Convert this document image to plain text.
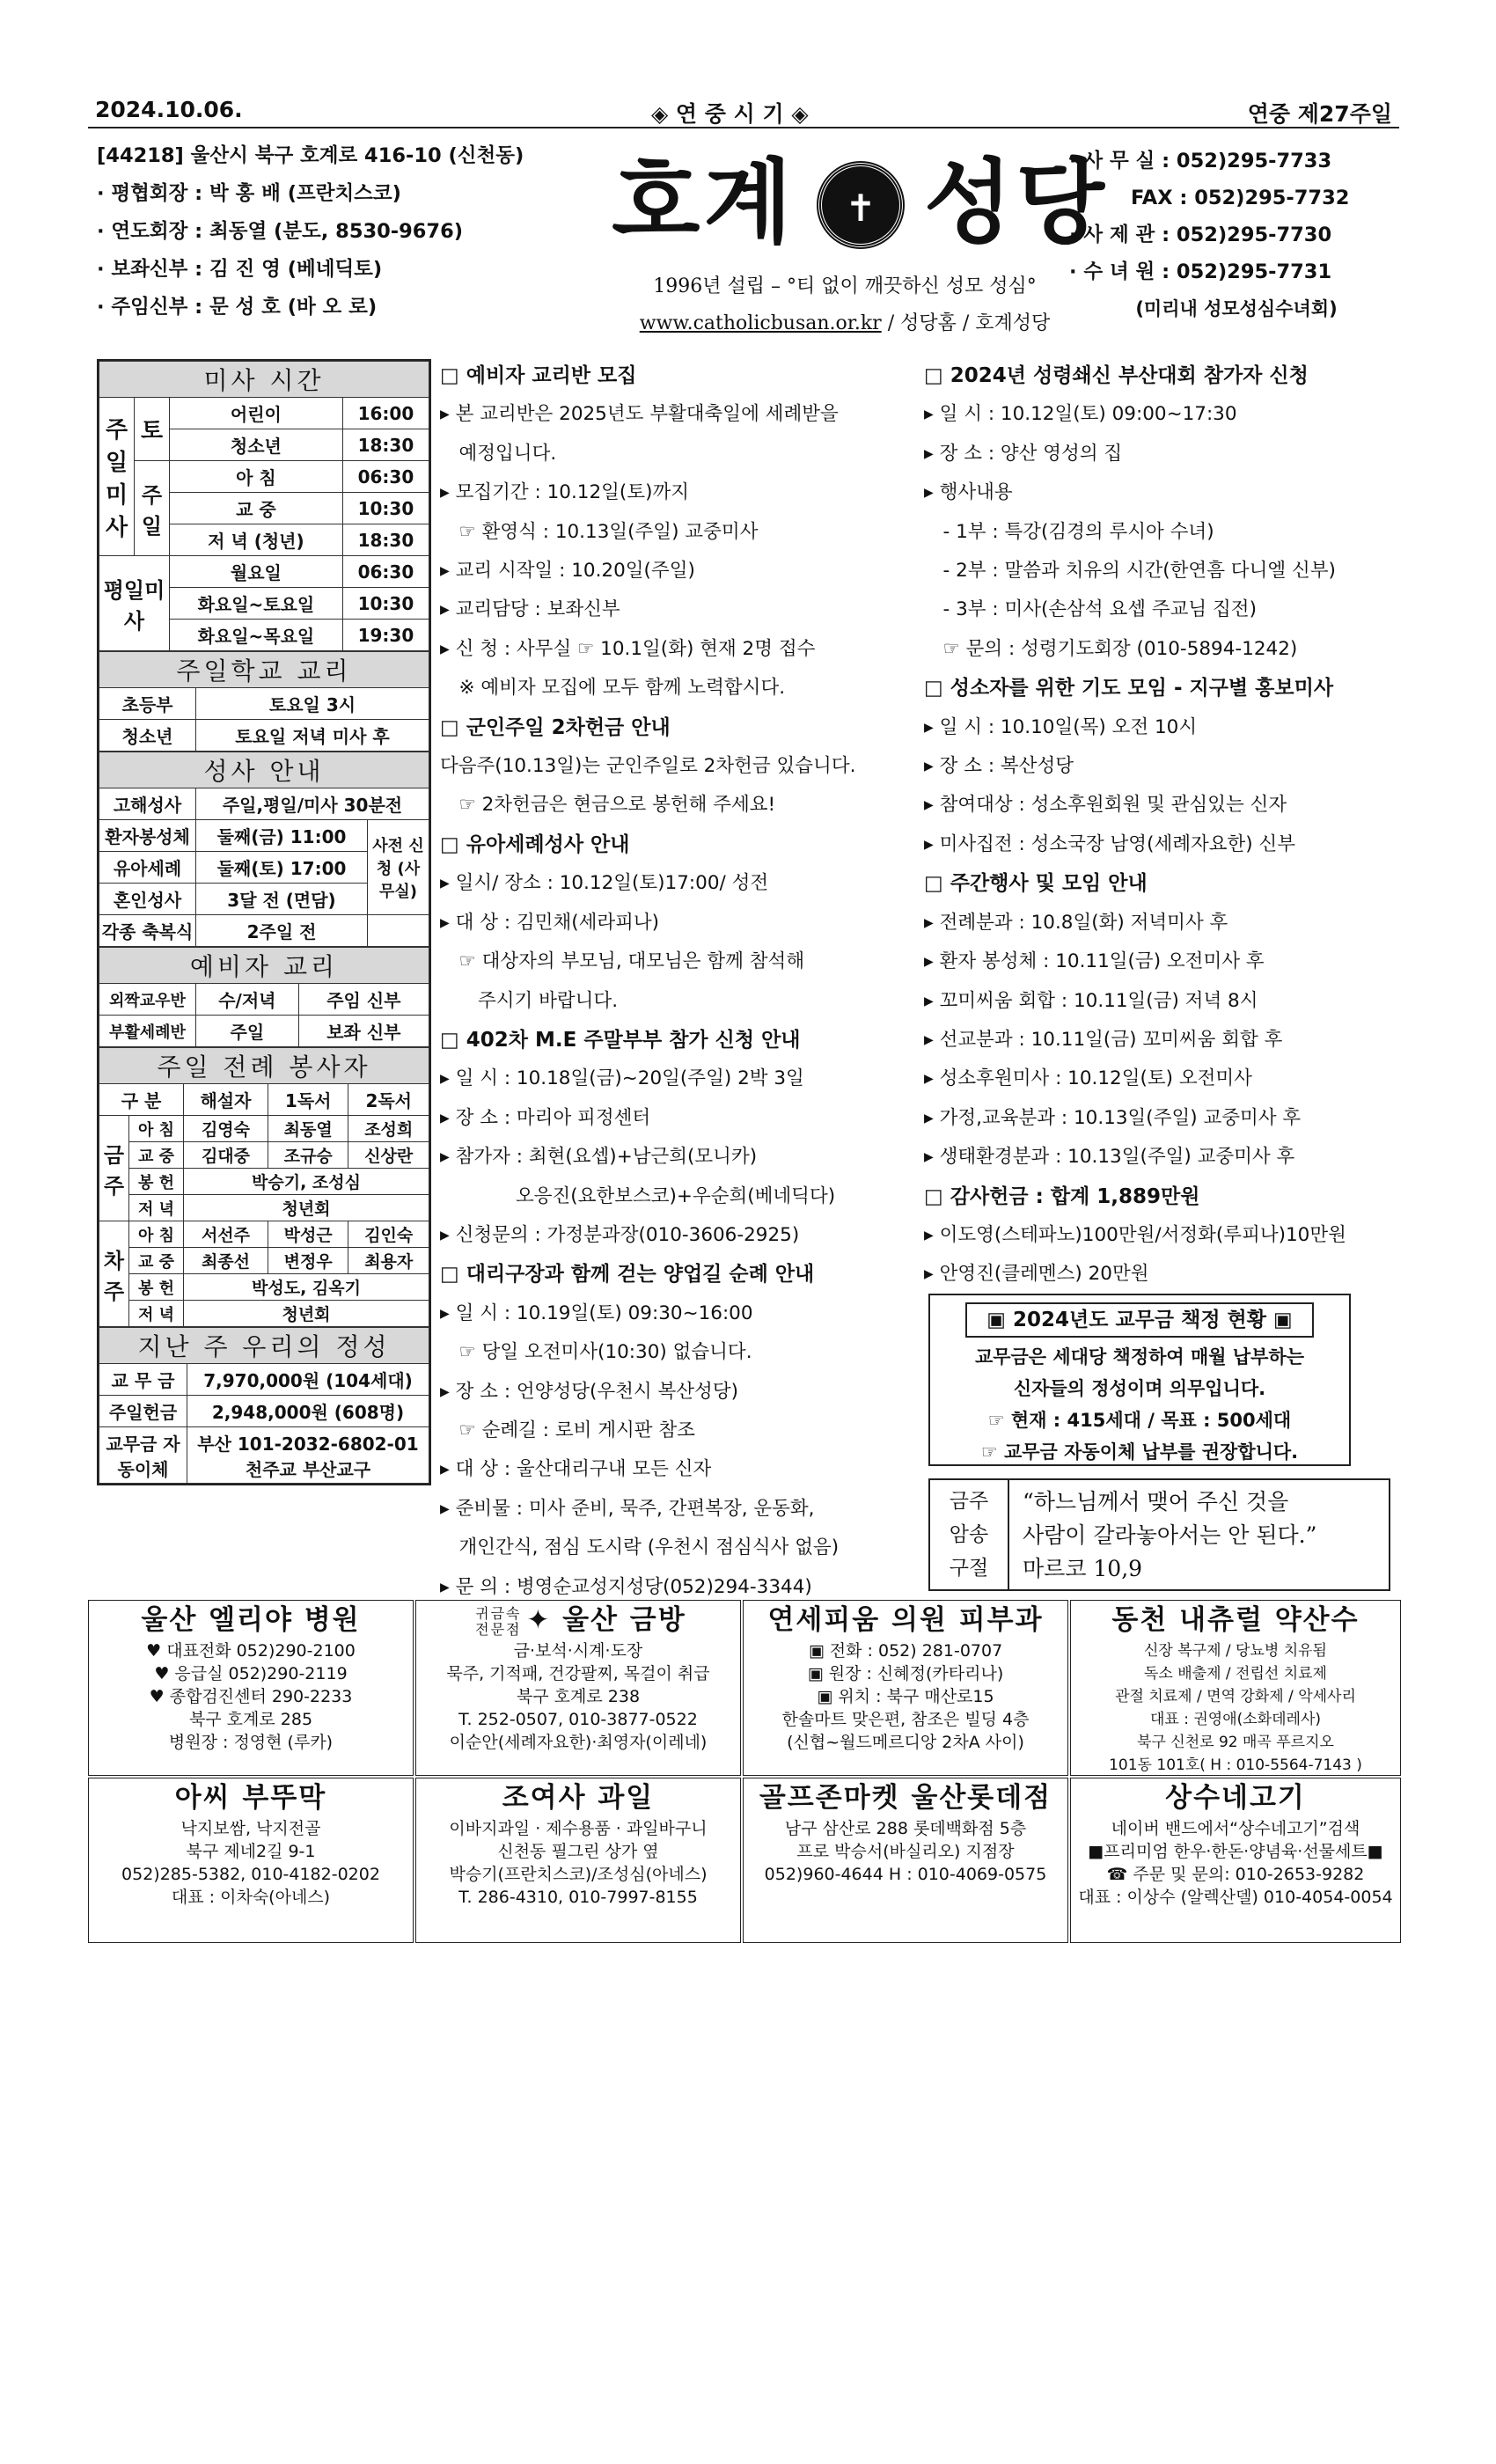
2024.10.06.	◈ 연 중 시 기 ◈	연중 제27주일
[44218] 울산시 북구 호계로 416-10 (신천동)
· 평협회장 : 박 홍 배 (프란치스코)
· 연도회장 : 최동열 (분도, 8530-9676)
· 보좌신부 : 김 진 영 (베네딕토)
· 주임신부 : 문 성 호 (바 오 로)
호계	✝ 성당
1996년 설립 – °티 없이 깨끗하신 성모 성심°
www.catholicbusan.or.kr / 성당홈 / 호계성당
· 사 무 실 : 052)295-7733
FAX : 052)295-7732
· 사 제 관 : 052)295-7730
· 수 녀 원 : 052)295-7731
(미리내 성모성심수녀회)
미사 시간			
주일미사	토	어린이	16:00
		청소년	18:30
	주일	아 침	06:30
		교 중	10:30
		저 녁 (청년)	18:30
평일미사		월요일	06:30
		화요일~토요일	10:30
		화요일~목요일	19:30
주일학교 교리	
초등부	토요일 3시
청소년	토요일 저녁 미사 후
성사 안내		
고해성사	주일,평일/미사 30분전	
환자봉성체	둘째(금) 11:00	사전 신청 (사무실)
유아세례	둘째(토) 17:00	
혼인성사	3달 전 (면담)	
각종 축복식	2주일 전	
예비자 교리		
외짝교우반	수/저녁	주임 신부
부활세례반	주일	보좌 신부
주일 전례 봉사자				
구 분		해설자	1독서	2독서
금주	아 침	김영숙	최동열	조성희
	교 중	김대중	조규승	신상란
	봉 헌	박승기, 조성심		
	저 녁	청년회		
차주	아 침	서선주	박성근	김인숙
	교 중	최종선	변정우	최용자
	봉 헌	박성도, 김옥기		
	저 녁	청년회		
지난 주 우리의 정성	
교 무 금	7,970,000원 (104세대)
주일헌금	2,948,000원 (608명)
교무금 자동이체	부산 101-2032-6802-01 천주교 부산교구
□ 예비자 교리반 모집
▸ 본 교리반은 2025년도 부활대축일에 세례받을
　예정입니다.
▸ 모집기간 : 10.12일(토)까지
　☞ 환영식 : 10.13일(주일) 교중미사
▸ 교리 시작일 : 10.20일(주일)
▸ 교리담당 : 보좌신부
▸ 신 청 : 사무실 ☞ 10.1일(화) 현재 2명 접수
　※ 예비자 모집에 모두 함께 노력합시다.
□ 군인주일 2차헌금 안내
다음주(10.13일)는 군인주일로 2차헌금 있습니다.
　☞ 2차헌금은 현금으로 봉헌해 주세요!
□ 유아세례성사 안내
▸ 일시/ 장소 : 10.12일(토)17:00/ 성전
▸ 대 상 : 김민채(세라피나)
　☞ 대상자의 부모님, 대모님은 함께 참석해
　　주시기 바랍니다.
□ 402차 M.E 주말부부 참가 신청 안내
▸ 일 시 : 10.18일(금)~20일(주일) 2박 3일
▸ 장 소 : 마리아 피정센터
▸ 참가자 : 최현(요셉)+남근희(모니카)
　　　　오응진(요한보스코)+우순희(베네딕다)
▸ 신청문의 : 가정분과장(010-3606-2925)
□ 대리구장과 함께 걷는 양업길 순례 안내
▸ 일 시 : 10.19일(토) 09:30~16:00
　☞ 당일 오전미사(10:30) 없습니다.
▸ 장 소 : 언양성당(우천시 복산성당)
　☞ 순례길 : 로비 게시판 참조
▸ 대 상 : 울산대리구내 모든 신자
▸ 준비물 : 미사 준비, 묵주, 간편복장, 운동화,
　개인간식, 점심 도시락 (우천시 점심식사 없음)
▸ 문 의 : 병영순교성지성당(052)294-3344)
□ 2024년 성령쇄신 부산대회 참가자 신청
▸ 일 시 : 10.12일(토) 09:00~17:30
▸ 장 소 : 양산 영성의 집
▸ 행사내용
　- 1부 : 특강(김경의 루시아 수녀)
　- 2부 : 말씀과 치유의 시간(한연흠 다니엘 신부)
　- 3부 : 미사(손삼석 요셉 주교님 집전)
　☞ 문의 : 성령기도회장 (010-5894-1242)
□ 성소자를 위한 기도 모임 - 지구별 홍보미사
▸ 일 시 : 10.10일(목) 오전 10시
▸ 장 소 : 복산성당
▸ 참여대상 : 성소후원회원 및 관심있는 신자
▸ 미사집전 : 성소국장 남영(세례자요한) 신부
□ 주간행사 및 모임 안내
▸ 전례분과 : 10.8일(화) 저녁미사 후
▸ 환자 봉성체 : 10.11일(금) 오전미사 후
▸ 꼬미씨움 회합 : 10.11일(금) 저녁 8시
▸ 선교분과 : 10.11일(금) 꼬미씨움 회합 후
▸ 성소후원미사 : 10.12일(토) 오전미사
▸ 가정,교육분과 : 10.13일(주일) 교중미사 후
▸ 생태환경분과 : 10.13일(주일) 교중미사 후
□ 감사헌금 : 합계 1,889만원
▸ 이도영(스테파노)100만원/서정화(루피나)10만원
▸ 안영진(클레멘스) 20만원
▣ 2024년도 교무금 책정 현황 ▣
교무금은 세대당 책정하여 매월 납부하는
신자들의 정성이며 의무입니다.
☞ 현재 : 415세대 / 목표 : 500세대
☞ 교무금 자동이체 납부를 권장합니다.
금주 암송 구절
“하느님께서 맺어 주신 것을
사람이 갈라놓아서는 안 된다.”
마르코 10,9
울산 엘리야 병원
♥ 대표전화 052)290-2100
♥ 응급실 052)290-2119
♥ 종합검진센터 290-2233
북구 호계로 285
병원장 : 정영현 (루카)
귀금속 전문점 ✦ 울산 금방
금·보석·시계·도장
묵주, 기적패, 건강팔찌, 목걸이 취급
북구 호계로 238
T. 252-0507, 010-3877-0522
이순안(세례자요한)·최영자(이레네)
연세피움 의원 피부과
▣ 전화 : 052) 281-0707
▣ 원장 : 신혜정(카타리나)
▣ 위치 : 북구 매산로15
한솔마트 맞은편, 참조은 빌딩 4층
(신협~월드메르디앙 2차A 사이)
동천 내츄럴 약산수
신장 복구제 / 당뇨병 치유됨
독소 배출제 / 전립선 치료제
관절 치료제 / 면역 강화제 / 악세사리
대표 : 권영애(소화데레사)
북구 신천로 92 매곡 푸르지오
101동 101호( H : 010-5564-7143 )
아씨 부뚜막
낙지보쌈, 낙지전골
북구 제네2길 9-1
052)285-5382, 010-4182-0202
대표 : 이차숙(아네스)
조여사 과일
이바지과일 · 제수용품 · 과일바구니
신천동 필그린 상가 옆
박승기(프란치스코)/조성심(아네스)
T. 286-4310, 010-7997-8155
골프존마켓 울산롯데점
남구 삼산로 288 롯데백화점 5층
프로 박승서(바실리오) 지점장
052)960-4644 H : 010-4069-0575
상수네고기
네이버 밴드에서“상수네고기”검색
■프리미엄 한우·한돈·양념육·선물세트■
☎ 주문 및 문의: 010-2653-9282
대표 : 이상수 (알렉산델) 010-4054-0054
